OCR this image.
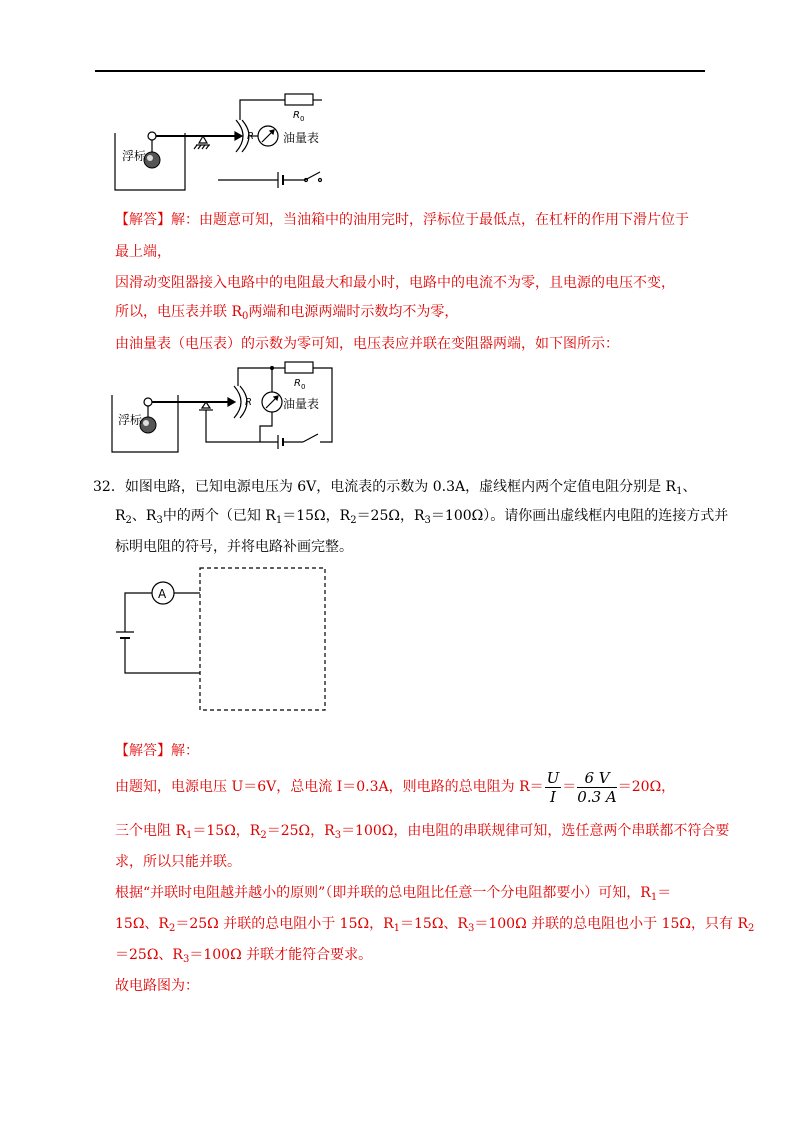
浮标
R
R 0
油量表
【解答】解：由题意可知，当油箱中的油用完时，浮标位于最低点，在杠杆的作用下滑片位于
最上端，
因滑动变阻器接入电路中的电阻最大和最小时，电路中的电流不为零，且电源的电压不变，
所以，电压表并联 $R_0$两端和电源两端时示数均不为零，
由油量表（电压表）的示数为零可知，电压表应并联在变阻器两端，如下图所示：
浮标
R
R 0
油量表
32．如图电路，已知电源电压为 6V，电流表的示数为 0.3A，虚线框内两个定值电阻分别是 $R_1$、
$R_2$、$R_3$中的两个（已知 $R_1=15\Omega$，$R_2=25\Omega$，$R_3=100\Omega$）。请你画出虚线框内电阻的连接方式并
标明电阻的符号，并将电路补画完整。
A
【解答】解：
由题知，电源电压 U＝6V，总电流 I＝0.3A，则电路的总电阻为 $R= \frac{U}{I} = \frac{6 V}{0.3 A} =20\Omega$，
三个电阻 $R_1=15\Omega$，$R_2=25\Omega$，$R_3=100\Omega$，由电阻的串联规律可知，选任意两个串联都不符合要
求，所以只能并联。
根据“并联时电阻越并越小的原则”（即并联的总电阻比任意一个分电阻都要小）可知，$R_1=$
15Ω、$R_2=25\Omega$ 并联的总电阻小于 15Ω，$R_1=15\Omega$、$R_3=100\Omega$ 并联的总电阻也小于 15Ω，只有 $R_2$
＝25Ω、$R_3=100\Omega$ 并联才能符合要求。
故电路图为：
